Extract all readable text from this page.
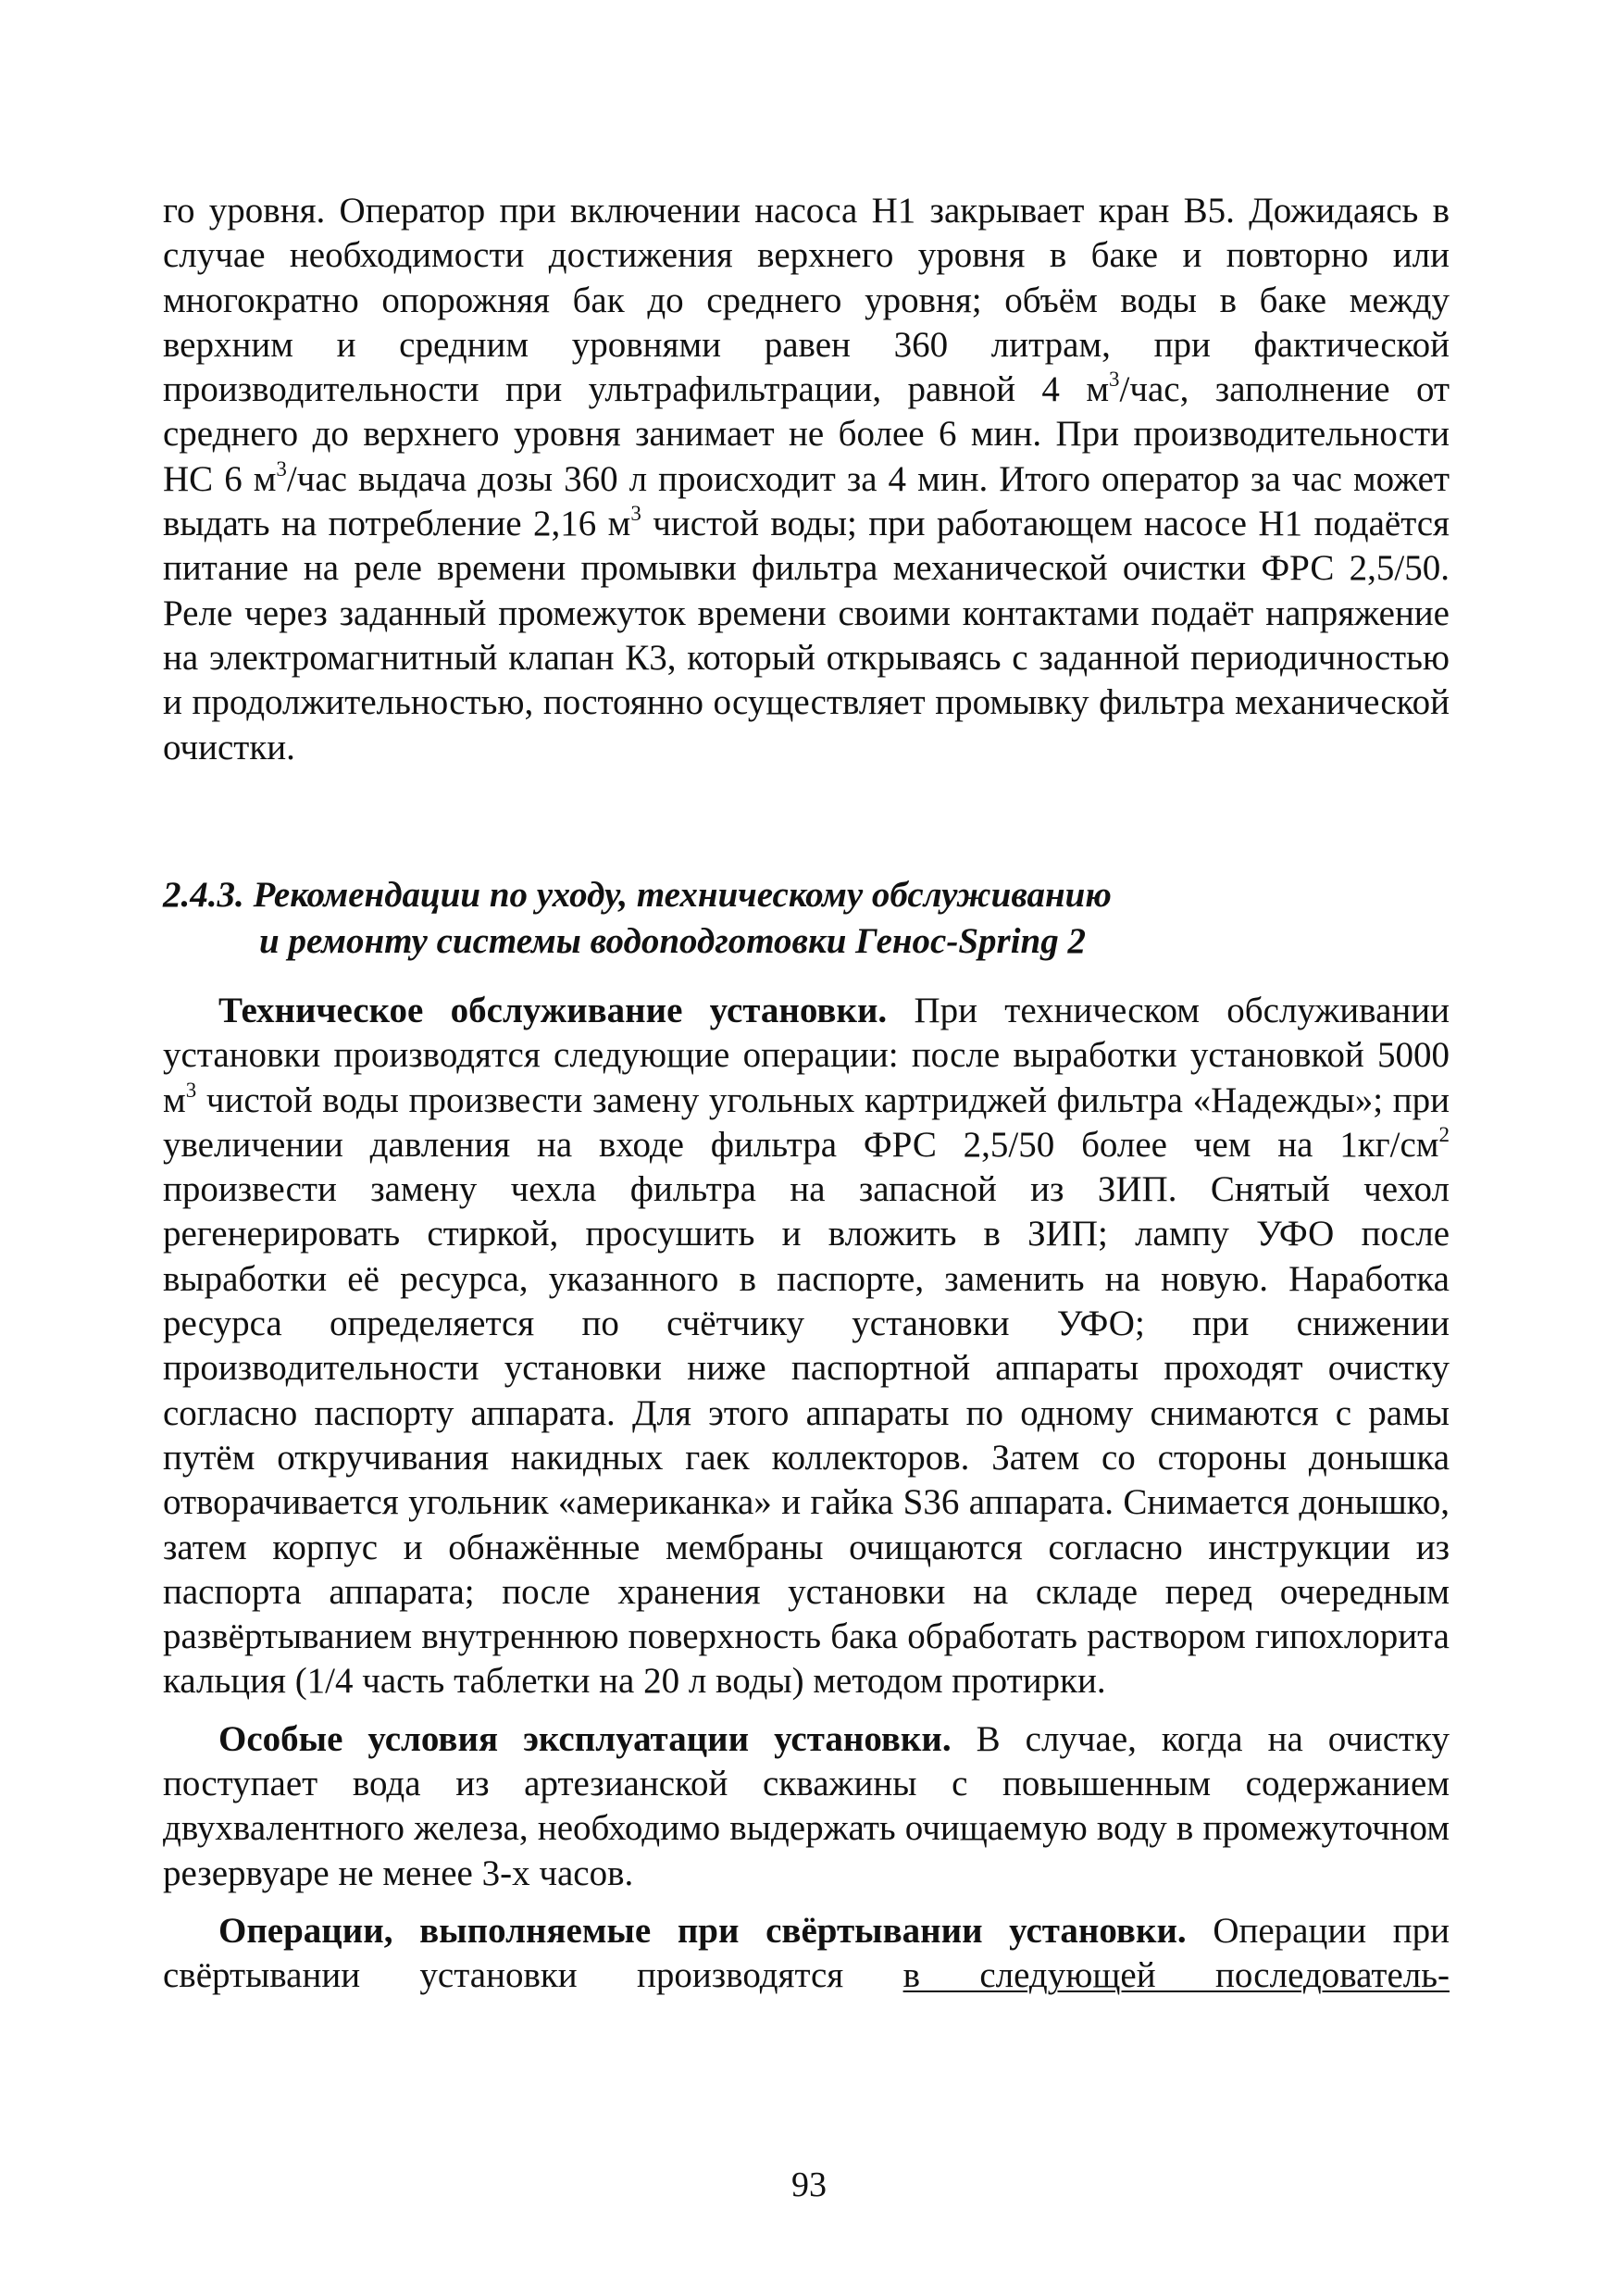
го уровня. Оператор при включении насоса Н1 закрывает кран В5. Дожидаясь в случае необходимости достижения верхнего уровня в баке и повторно или многократно опорожняя бак до среднего уровня; объём воды в баке между верхним и средним уровнями равен 360 литрам, при фактической производительности при ультрафильтрации, равной 4 $м^3$/час, заполнение от среднего до верхнего уровня занимает не более 6 мин. При производительности НС 6 $м^3$/час выдача дозы 360 л происходит за 4 мин. Итого оператор за час может выдать на потребление 2,16 $м^3$ чистой воды; при работающем насосе Н1 подаётся питание на реле времени промывки фильтра механической очистки ФРС 2,5/50. Реле через заданный промежуток времени своими контактами подаёт напряжение на электромагнитный клапан К3, который открываясь с заданной периодичностью и продолжительностью, постоянно осуществляет промывку фильтра механической очистки.

2.4.3. Рекомендации по уходу, техническому обслуживанию
и ремонту системы водоподготовки Генос-Spring 2

Техническое обслуживание установки. При техническом обслуживании установки производятся следующие операции: после выработки установкой 5000 $м^3$ чистой воды произвести замену угольных картриджей фильтра «Надежды»; при увеличении давления на входе фильтра ФРС 2,5/50 более чем на $1кг/см^2$ произвести замену чехла фильтра на запасной из ЗИП. Снятый чехол регенерировать стиркой, просушить и вложить в ЗИП; лампу УФО после выработки её ресурса, указанного в паспорте, заменить на новую. Наработка ресурса определяется по счётчику установки УФО; при снижении производительности установки ниже паспортной аппараты проходят очистку согласно паспорту аппарата. Для этого аппараты по одному снимаются с рамы путём откручивания накидных гаек коллекторов. Затем со стороны донышка отворачивается угольник «американка» и гайка S36 аппарата. Снимается донышко, затем корпус и обнажённые мембраны очищаются согласно инструкции из паспорта аппарата; после хранения установки на складе перед очередным развёртыванием внутреннюю поверхность бака обработать раствором гипохлорита кальция (1/4 часть таблетки на 20 л воды) методом протирки.

Особые условия эксплуатации установки. В случае, когда на очистку поступает вода из артезианской скважины с повышенным содержанием двухвалентного железа, необходимо выдержать очищаемую воду в промежуточном резервуаре не менее 3-х часов.

Операции, выполняемые при свёртывании установки. Операции при свёртывании установки производятся в следующей последователь-

93
